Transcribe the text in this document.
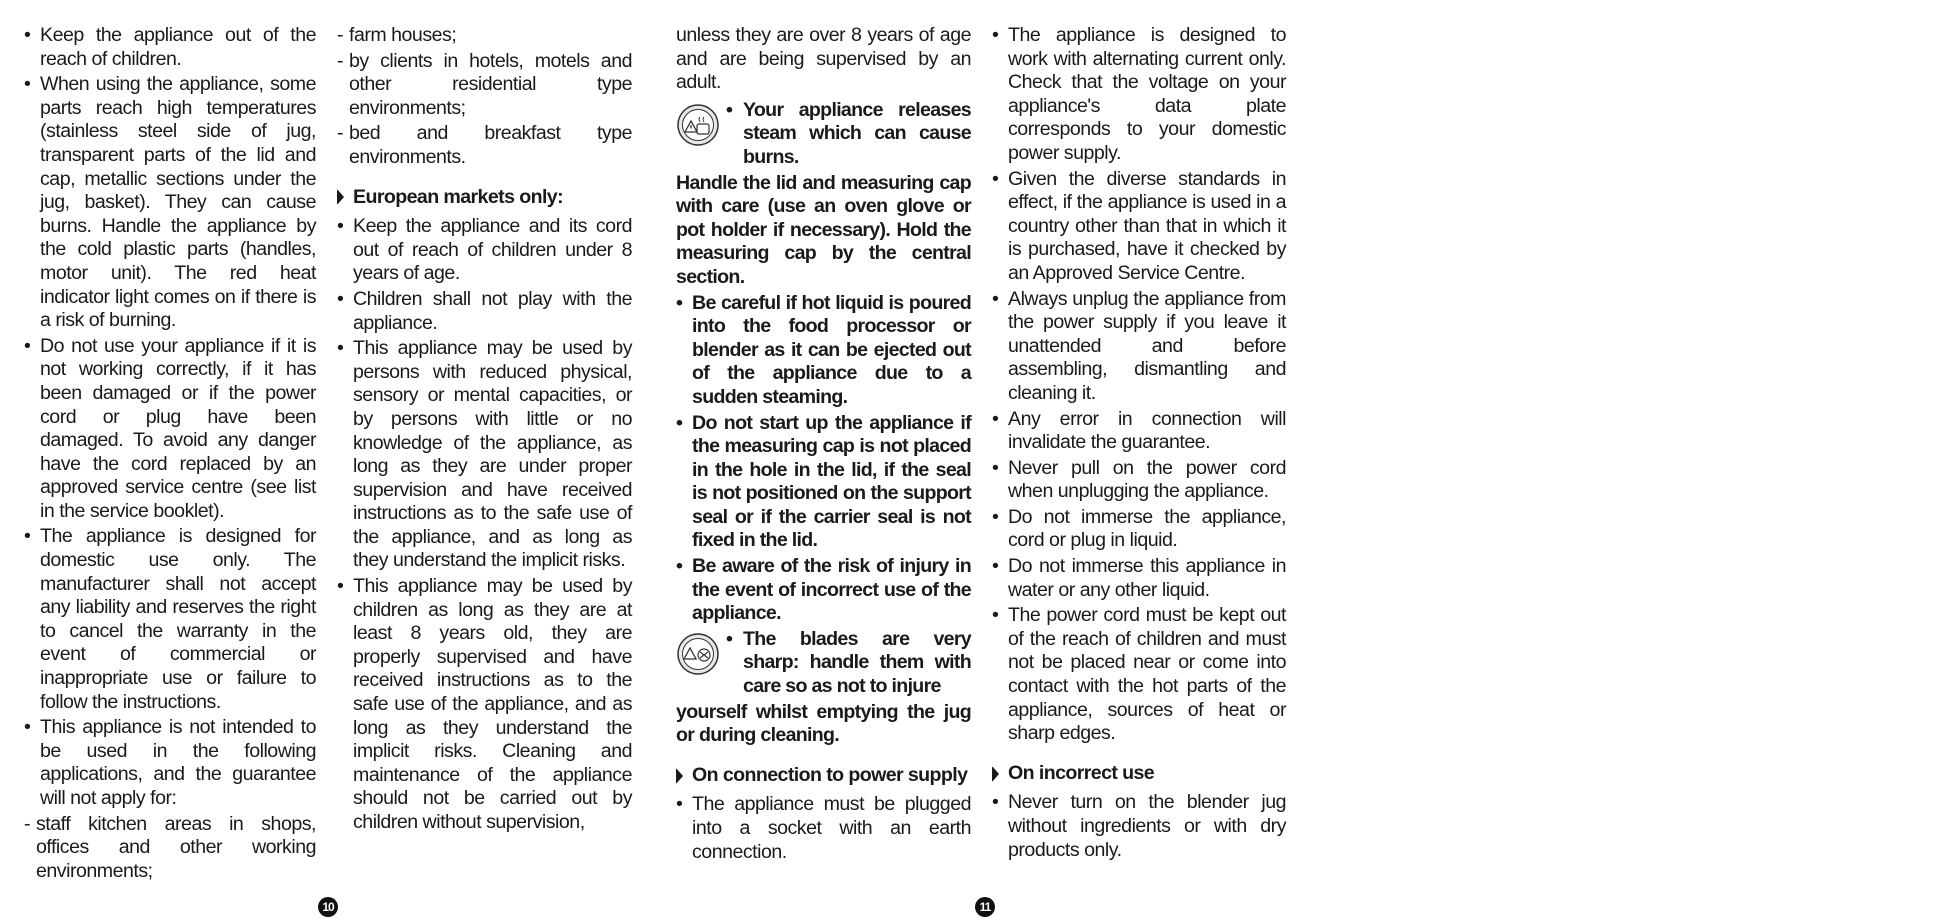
• Keep the appliance out of the reach of children.
• When using the appliance, some parts reach high temperatures (stainless steel side of jug, transparent parts of the lid and cap, metallic sections under the jug, basket). They can cause burns. Handle the appliance by the cold plastic parts (handles, motor unit). The red heat indicator light comes on if there is a risk of burning.
• Do not use your appliance if it is not working correctly, if it has been damaged or if the power cord or plug have been damaged. To avoid any danger have the cord replaced by an approved service centre (see list in the service booklet).
• The appliance is designed for domestic use only. The manufacturer shall not accept any liability and reserves the right to cancel the warranty in the event of commercial or inappropriate use or failure to follow the instructions.
• This appliance is not intended to be used in the following applications, and the guarantee will not apply for:
- staff kitchen areas in shops, offices and other working environments;
- farm houses;
- by clients in hotels, motels and other residential type environments;
- bed and breakfast type environments.
European markets only:
• Keep the appliance and its cord out of reach of children under 8 years of age.
• Children shall not play with the appliance.
• This appliance may be used by persons with reduced physical, sensory or mental capacities, or by persons with little or no knowledge of the appliance, as long as they are under proper supervision and have received instructions as to the safe use of the appliance, and as long as they understand the implicit risks.
• This appliance may be used by children as long as they are at least 8 years old, they are properly supervised and have received instructions as to the safe use of the appliance, and as long as they understand the implicit risks. Cleaning and maintenance of the appliance should not be carried out by children without supervision,
unless they are over 8 years of age and are being supervised by an adult.
• Your appliance releases steam which can cause burns.
Handle the lid and measuring cap with care (use an oven glove or pot holder if necessary). Hold the measuring cap by the central section.
• Be careful if hot liquid is poured into the food processor or blender as it can be ejected out of the appliance due to a sudden steaming.
• Do not start up the appliance if the measuring cap is not placed in the hole in the lid, if the seal is not positioned on the support seal or if the carrier seal is not fixed in the lid.
• Be aware of the risk of injury in the event of incorrect use of the appliance.
• The blades are very sharp: handle them with care so as not to injure
yourself whilst emptying the jug or during cleaning.
On connection to power supply
• The appliance must be plugged into a socket with an earth connection.
• The appliance is designed to work with alternating current only. Check that the voltage on your appliance's data plate corresponds to your domestic power supply.
• Given the diverse standards in effect, if the appliance is used in a country other than that in which it is purchased, have it checked by an Approved Service Centre.
• Always unplug the appliance from the power supply if you leave it unattended and before assembling, dismantling and cleaning it.
• Any error in connection will invalidate the guarantee.
• Never pull on the power cord when unplugging the appliance.
• Do not immerse the appliance, cord or plug in liquid.
• Do not immerse this appliance in water or any other liquid.
• The power cord must be kept out of the reach of children and must not be placed near or come into contact with the hot parts of the appliance, sources of heat or sharp edges.
On incorrect use
• Never turn on the blender jug without ingredients or with dry products only.
10	11
